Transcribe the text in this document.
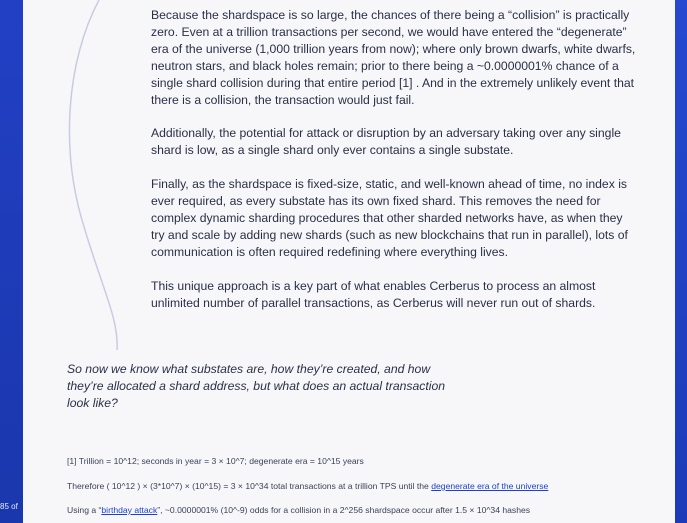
Because the shardspace is so large, the chances of there being a “collision” is practically zero. Even at a trillion transactions per second, we would have entered the “degenerate” era of the universe (1,000 trillion years from now); where only brown dwarfs, white dwarfs, neutron stars, and black holes remain; prior to there being a ~0.0000001% chance of a single shard collision during that entire period [1] . And in the extremely unlikely event that there is a collision, the transaction would just fail.

Additionally, the potential for attack or disruption by an adversary taking over any single shard is low, as a single shard only ever contains a single substate.

Finally, as the shardspace is fixed-size, static, and well-known ahead of time, no index is ever required, as every substate has its own fixed shard. This removes the need for complex dynamic sharding procedures that other sharded networks have, as when they try and scale by adding new shards (such as new blockchains that run in parallel), lots of communication is often required redefining where everything lives.

This unique approach is a key part of what enables Cerberus to process an almost unlimited number of parallel transactions, as Cerberus will never run out of shards.

So now we know what substates are, how they’re created, and how they’re allocated a shard address, but what does an actual transaction look like?

[1] Trillion = 10^12; seconds in year = 3 × 10^7; degenerate era = 10^15 years

Therefore ( 10^12 ) × (3*10^7) × (10^15) = 3 × 10^34 total transactions at a trillion TPS until the degenerate era of the universe

Using a “birthday attack”, ~0.0000001% (10^-9) odds for a collision in a 2^256 shardspace occur after 1.5 × 10^34 hashes

85 of
